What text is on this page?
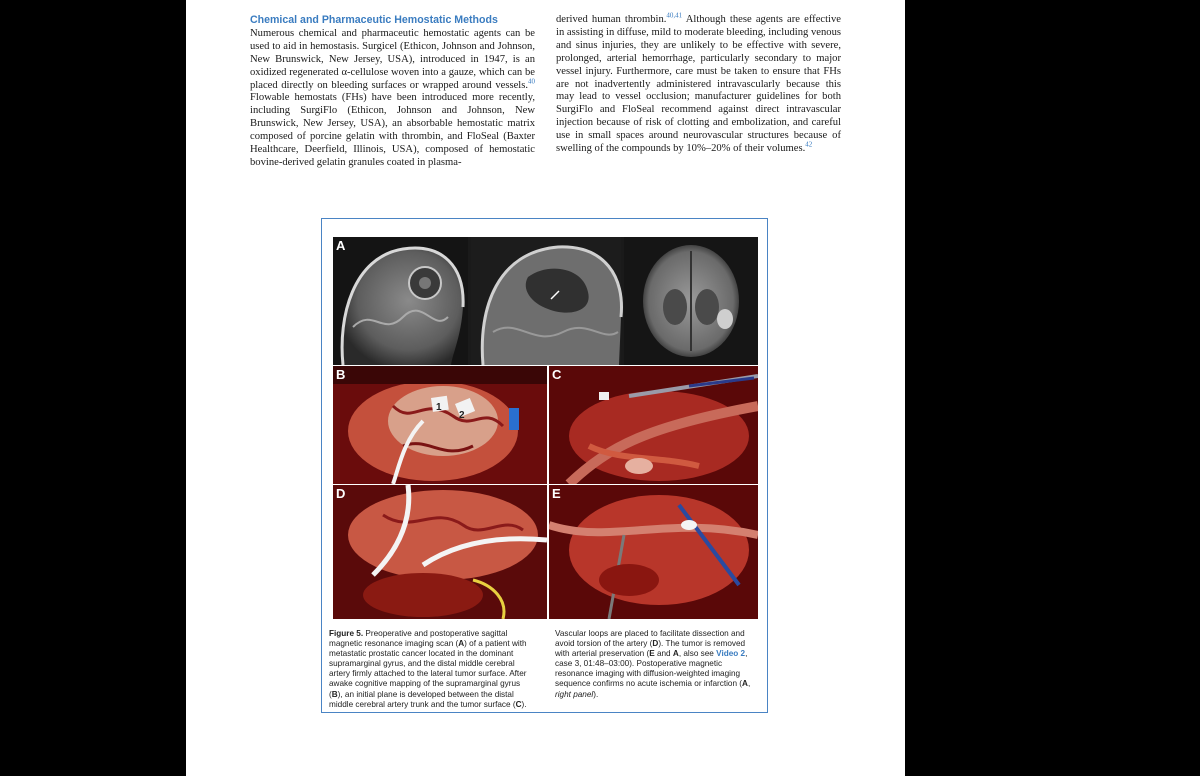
Chemical and Pharmaceutic Hemostatic Methods
Numerous chemical and pharmaceutic hemostatic agents can be used to aid in hemostasis. Surgicel (Ethicon, Johnson and Johnson, New Brunswick, New Jersey, USA), introduced in 1947, is an oxidized regenerated α-cellulose woven into a gauze, which can be placed directly on bleeding surfaces or wrapped around vessels.$^{40}$ Flowable hemostats (FHs) have been introduced more recently, including SurgiFlo (Ethicon, Johnson and Johnson, New Brunswick, New Jersey, USA), an absorbable hemostatic matrix composed of porcine gelatin with thrombin, and FloSeal (Baxter Healthcare, Deerfield, Illinois, USA), composed of hemostatic bovine-derived gelatin granules coated in plasma-
derived human thrombin.$^{40,41}$ Although these agents are effective in assisting in diffuse, mild to moderate bleeding, including venous and sinus injuries, they are unlikely to be effective with severe, prolonged, arterial hemorrhage, particularly secondary to major vessel injury. Furthermore, care must be taken to ensure that FHs are not inadvertently administered intravascularly because this may lead to vessel occlusion; manufacturer guidelines for both SurgiFlo and FloSeal recommend against direct intravascular injection because of risk of clotting and embolization, and careful use in small spaces around neurovascular structures because of swelling of the compounds by 10%–20% of their volumes.$^{42}$
A
1
2
B	C
D	E
Figure 5. Preoperative and postoperative sagittal magnetic resonance imaging scan (A) of a patient with metastatic prostatic cancer located in the dominant supramarginal gyrus, and the distal middle cerebral artery firmly attached to the lateral tumor surface. After awake cognitive mapping of the supramarginal gyrus (B), an initial plane is developed between the distal middle cerebral artery trunk and the tumor surface (C).
Vascular loops are placed to facilitate dissection and avoid torsion of the artery (D). The tumor is removed with arterial preservation (E and A, also see Video 2, case 3, 01:48–03:00). Postoperative magnetic resonance imaging with diffusion-weighted imaging sequence confirms no acute ischemia or infarction (A, right panel).
